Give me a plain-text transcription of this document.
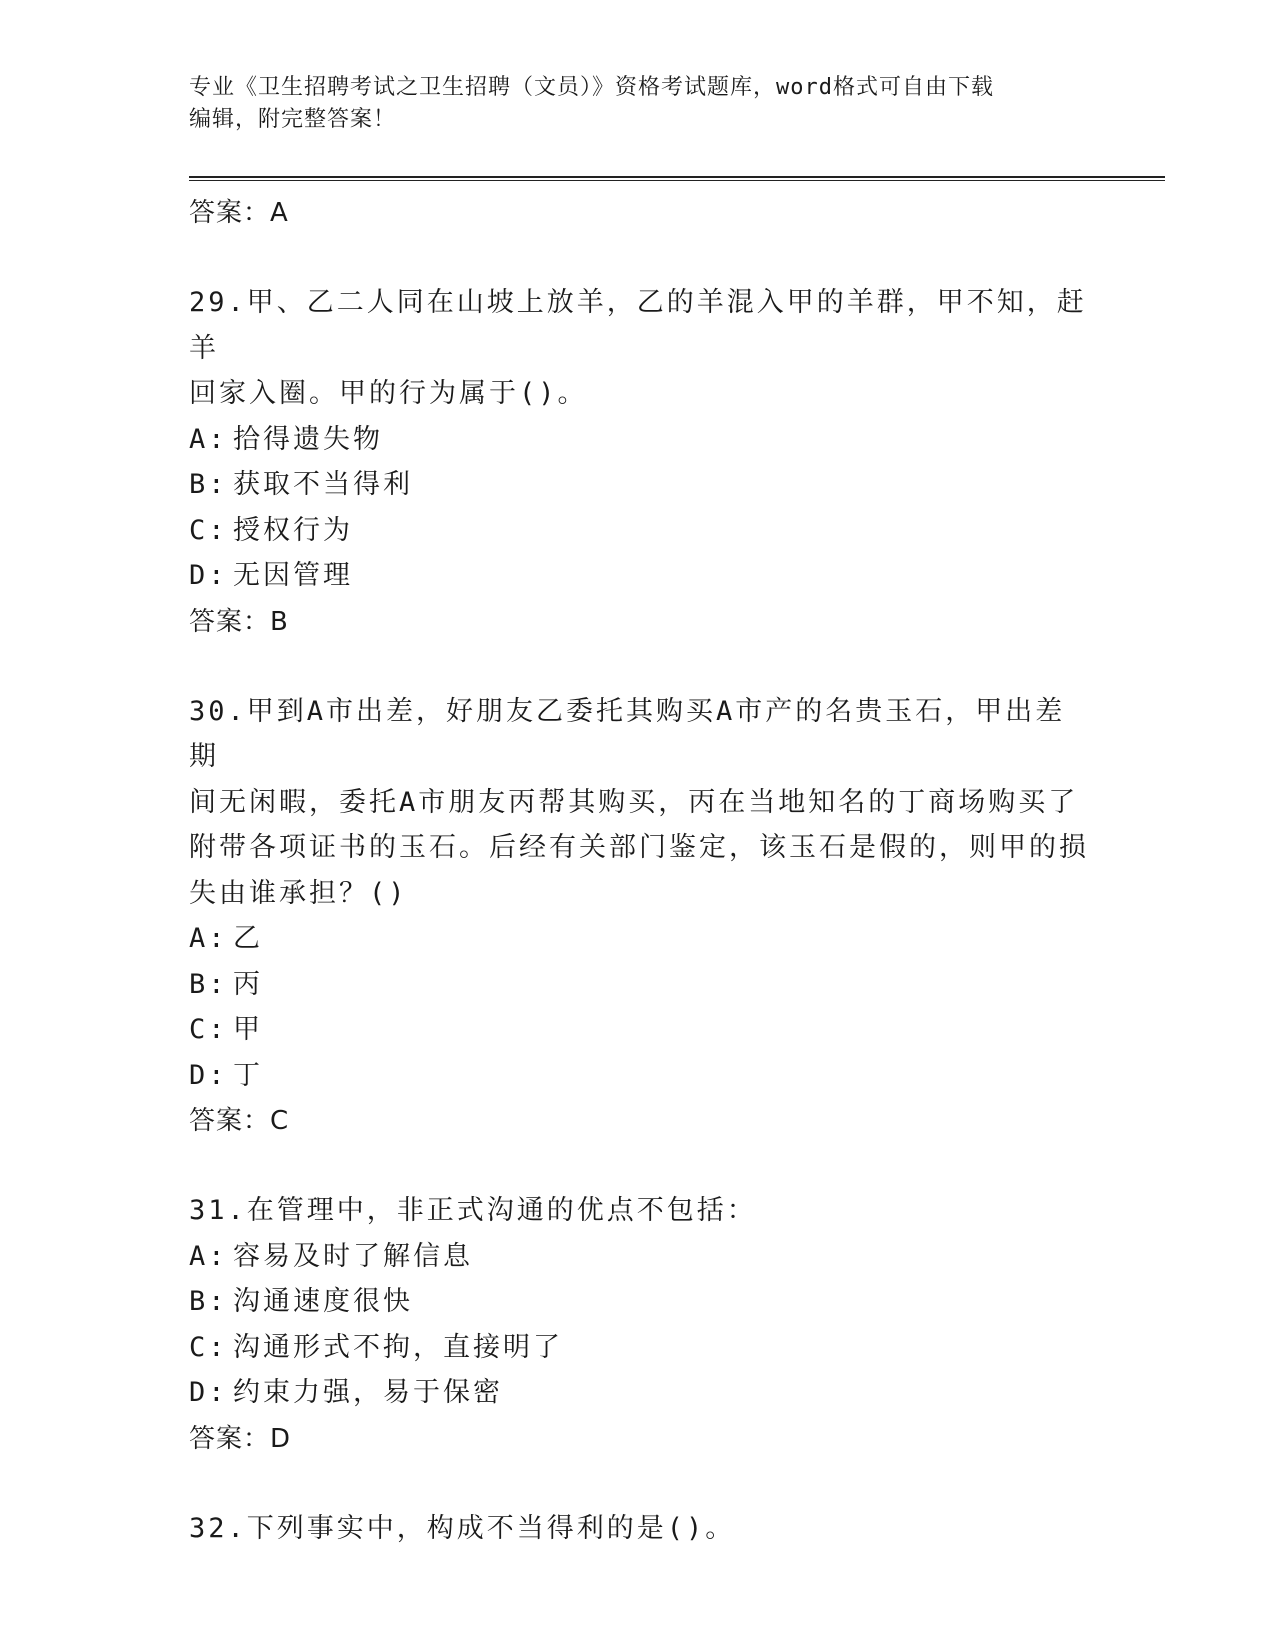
专业《卫生招聘考试之卫生招聘（文员）》资格考试题库，word格式可自由下载
编辑，附完整答案！
答案：A
29.甲、乙二人同在山坡上放羊，乙的羊混入甲的羊群，甲不知，赶羊
回家入圈。甲的行为属于()。
A: 拾得遗失物
B: 获取不当得利
C: 授权行为
D: 无因管理
答案：B
30.甲到A市出差，好朋友乙委托其购买A市产的名贵玉石，甲出差期
间无闲暇，委托A市朋友丙帮其购买，丙在当地知名的丁商场购买了
附带各项证书的玉石。后经有关部门鉴定，该玉石是假的，则甲的损
失由谁承担？()
A: 乙
B: 丙
C: 甲
D: 丁
答案：C
31.在管理中，非正式沟通的优点不包括：
A: 容易及时了解信息
B: 沟通速度很快
C: 沟通形式不拘，直接明了
D: 约束力强，易于保密
答案：D
32.下列事实中，构成不当得利的是()。
